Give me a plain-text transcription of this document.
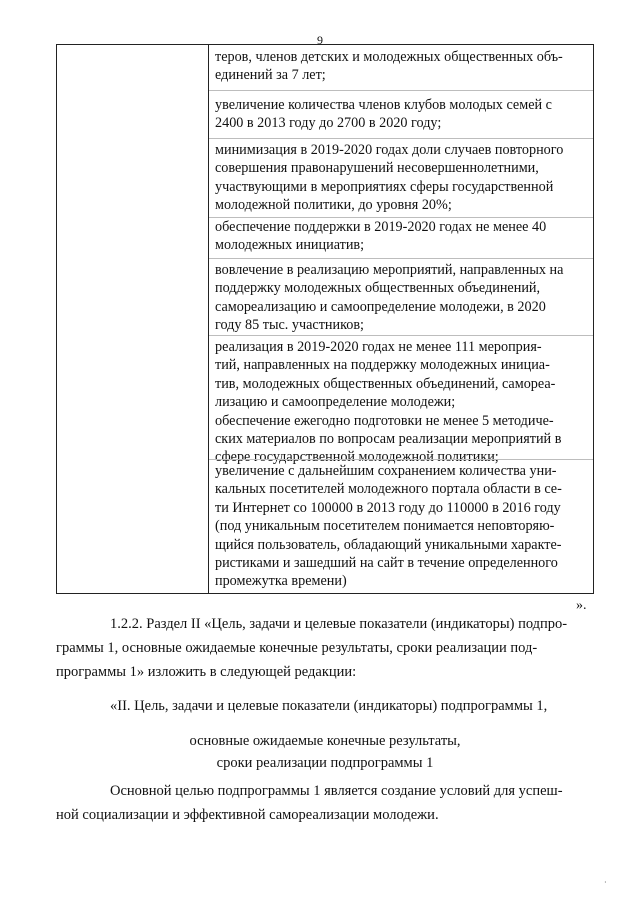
9

теров, членов детских и молодежных общественных объ-
единений за 7 лет;

увеличение количества членов клубов молодых семей с
2400 в 2013 году до 2700 в 2020 году;

минимизация в 2019-2020 годах доли случаев повторного
совершения правонарушений несовершеннолетними,
участвующими в мероприятиях сферы государственной
молодежной политики, до уровня 20%;

обеспечение поддержки в 2019-2020 годах не менее 40
молодежных инициатив;

вовлечение в реализацию мероприятий, направленных на
поддержку молодежных общественных объединений,
самореализацию и самоопределение молодежи, в 2020
году 85 тыс. участников;

реализация в 2019-2020 годах не менее 111 мероприя-
тий, направленных на поддержку молодежных инициа-
тив, молодежных общественных объединений, самореа-
лизацию и самоопределение молодежи;
обеспечение ежегодно подготовки не менее 5 методиче-
ских материалов по вопросам реализации мероприятий в
сфере государственной молодежной политики;

увеличение с дальнейшим сохранением количества уни-
кальных посетителей молодежного портала области в се-
ти Интернет со 100000 в 2013 году до 110000 в 2016 году
(под уникальным посетителем понимается неповторяю-
щийся пользователь, обладающий уникальными характе-
ристиками и зашедший на сайт в течение определенного
промежутка времени)

».

1.2.2. Раздел II «Цель, задачи и целевые показатели (индикаторы) подпро-
граммы 1, основные ожидаемые конечные результаты, сроки реализации под-
программы 1» изложить в следующей редакции:

«II. Цель, задачи и целевые показатели (индикаторы) подпрограммы 1,

основные ожидаемые конечные результаты,

сроки реализации подпрограммы 1

Основной целью подпрограммы 1 является создание условий для успеш-
ной социализации и эффективной самореализации молодежи.

·
